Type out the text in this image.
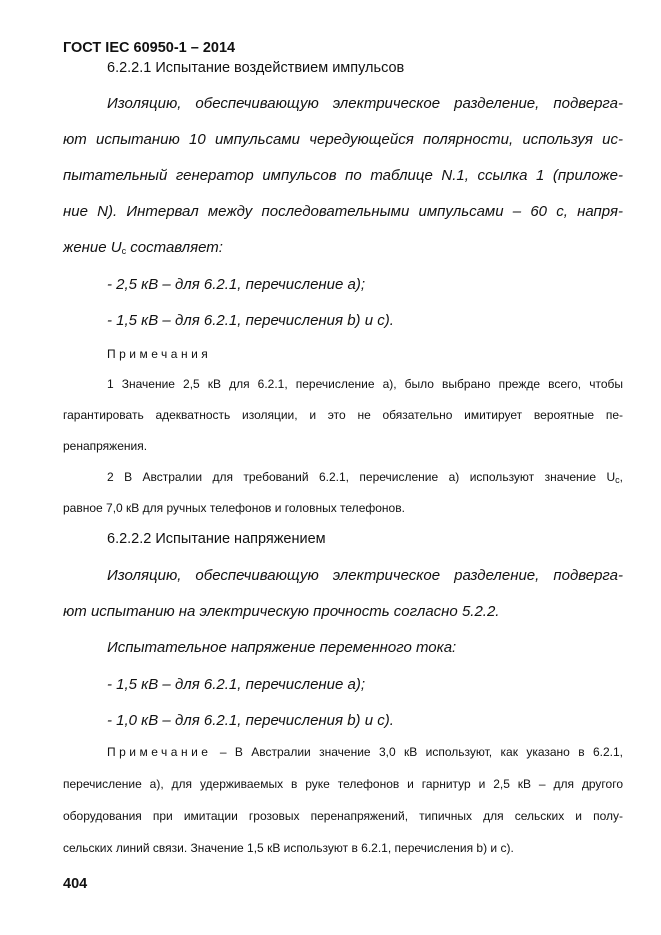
ГОСТ IEC 60950-1 – 2014
6.2.2.1 Испытание воздействием импульсов
Изоляцию, обеспечивающую электрическое разделение, подверга-
ют испытанию 10 импульсами чередующейся полярности, используя ис-
пытательный генератор импульсов по таблице N.1, ссылка 1 (приложе-
ние N). Интервал между последовательными импульсами – 60 с, напря-
жение $U_c$ составляет:
- 2,5 кВ – для 6.2.1, перечисление а);
- 1,5 кВ – для 6.2.1, перечисления b) и с).
Примечания
1 Значение 2,5 кВ для 6.2.1, перечисление а), было выбрано прежде всего, чтобы
гарантировать адекватность изоляции, и это не обязательно имитирует вероятные пе-
ренапряжения.
2 В Австралии для требований 6.2.1, перечисление а) используют значение $U_c$,
равное 7,0 кВ для ручных телефонов и головных телефонов.
6.2.2.2 Испытание напряжением
Изоляцию, обеспечивающую электрическое разделение, подверга-
ют испытанию на электрическую прочность согласно 5.2.2.
Испытательное напряжение переменного тока:
- 1,5 кВ – для 6.2.1, перечисление а);
- 1,0 кВ – для 6.2.1, перечисления b) и с).
Примечание – В Австралии значение 3,0 кВ используют, как указано в 6.2.1,
перечисление а), для удерживаемых в руке телефонов и гарнитур и 2,5 кВ – для другого
оборудования при имитации грозовых перенапряжений, типичных для сельских и полу-
сельских линий связи. Значение 1,5 кВ используют в 6.2.1, перечисления b) и с).
404
